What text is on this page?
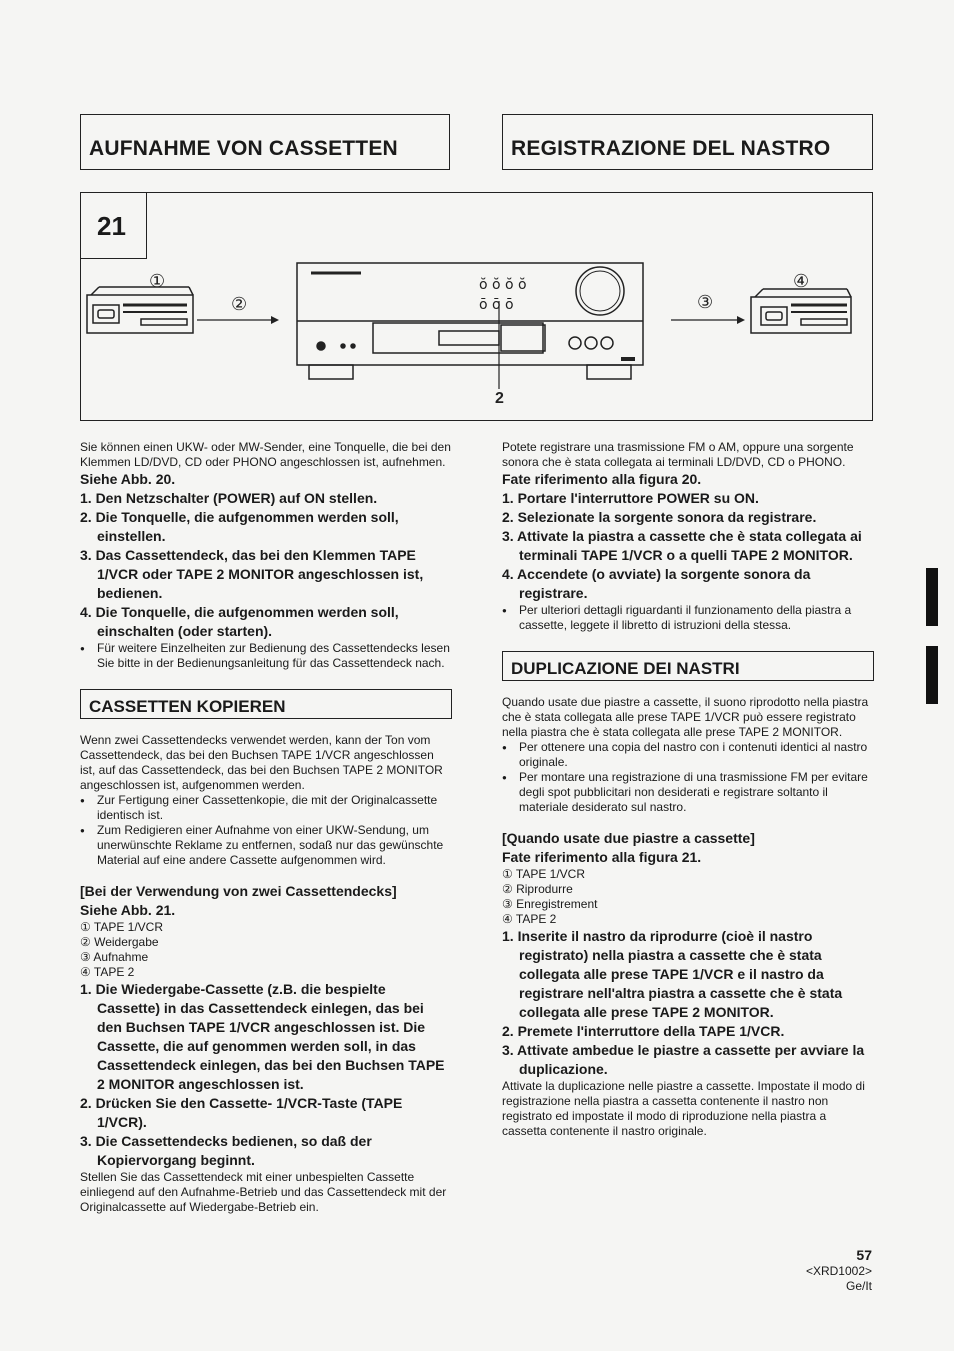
AUFNAHME VON CASSETTEN	REGISTRAZIONE DEL NASTRO
21
①
②
ŏ ŏ ŏ ŏ
ō ō ō
2
③
④

Sie können einen UKW- oder MW-Sender, eine Tonquelle, die bei den Klemmen LD/DVD, CD oder PHONO angeschlossen ist, aufnehmen.

Siehe Abb. 20.

1. Den Netzschalter (POWER) auf ON stellen.

2. Die Tonquelle, die aufgenommen werden soll, einstellen.

3. Das Cassettendeck, das bei den Klemmen TAPE 1/VCR oder TAPE 2 MONITOR angeschlossen ist, bedienen.

4. Die Tonquelle, die aufgenommen werden soll, einschalten (oder starten).

● Für weitere Einzelheiten zur Bedienung des Cassettendecks lesen Sie bitte in der Bedienungsanleitung für das Cassettendeck nach.

CASSETTEN KOPIEREN

Wenn zwei Cassettendecks verwendet werden, kann der Ton vom Cassettendeck, das bei den Buchsen TAPE 1/VCR angeschlossen ist, auf das Cassettendeck, das bei den Buchsen TAPE 2 MONITOR angeschlossen ist, aufgenommen werden.

● Zur Fertigung einer Cassettenkopie, die mit der Originalcassette identisch ist.

● Zum Redigieren einer Aufnahme von einer UKW-Sendung, um unerwünschte Reklame zu entfernen, sodaß nur das gewünschte Material auf eine andere Cassette aufgenommen wird.

[Bei der Verwendung von zwei Cassettendecks]

Siehe Abb. 21.

① TAPE 1/VCR

② Weidergabe

③ Aufnahme

④ TAPE 2

1. Die Wiedergabe-Cassette (z.B. die bespielte Cassette) in das Cassettendeck einlegen, das bei den Buchsen TAPE 1/VCR angeschlossen ist. Die Cassette, die auf genommen werden soll, in das Cassettendeck einlegen, das bei den Buchsen TAPE 2 MONITOR angeschlossen ist.

2. Drücken Sie den Cassette- 1/VCR-Taste (TAPE 1/VCR).

3. Die Cassettendecks bedienen, so daß der Kopiervorgang beginnt.

Stellen Sie das Cassettendeck mit einer unbespielten Cassette einliegend auf den Aufnahme-Betrieb und das Cassettendeck mit der Originalcassette auf Wiedergabe-Betrieb ein.

Potete registrare una trasmissione FM o AM, oppure una sorgente sonora che è stata collegata ai terminali LD/DVD, CD o PHONO.

Fate riferimento alla figura 20.

1. Portare l'interruttore POWER su ON.

2. Selezionate la sorgente sonora da registrare.

3. Attivate la piastra a cassette che è stata collegata ai terminali TAPE 1/VCR o a quelli TAPE 2 MONITOR.

4. Accendete (o avviate) la sorgente sonora da registrare.

● Per ulteriori dettagli riguardanti il funzionamento della piastra a cassette, leggete il libretto di istruzioni della stessa.

DUPLICAZIONE DEI NASTRI

Quando usate due piastre a cassette, il suono riprodotto nella piastra che è stata collegata alle prese TAPE 1/VCR può essere registrato nella piastra che è stata collegata alle prese TAPE 2 MONITOR.

● Per ottenere una copia del nastro con i contenuti identici al nastro originale.

● Per montare una registrazione di una trasmissione FM per evitare degli spot pubblicitari non desiderati e registrare soltanto il materiale desiderato sul nastro.

[Quando usate due piastre a cassette]

Fate riferimento alla figura 21.

① TAPE 1/VCR

② Riprodurre

③ Enregistrement

④ TAPE 2

1. Inserite il nastro da riprodurre (cioè il nastro registrato) nella piastra a cassette che è stata collegata alle prese TAPE 1/VCR e il nastro da registrare nell'altra piastra a cassette che è stata collegata alle prese TAPE 2 MONITOR.

2. Premete l'interruttore della TAPE 1/VCR.

3. Attivate ambedue le piastre a cassette per avviare la duplicazione.

Attivate la duplicazione nelle piastre a cassette. Impostate il modo di registrazione nella piastra a cassetta contenente il nastro non registrato ed impostate il modo di riproduzione nella piastra a cassetta contenente il nastro originale.

57
<XRD1002>
Ge/It
